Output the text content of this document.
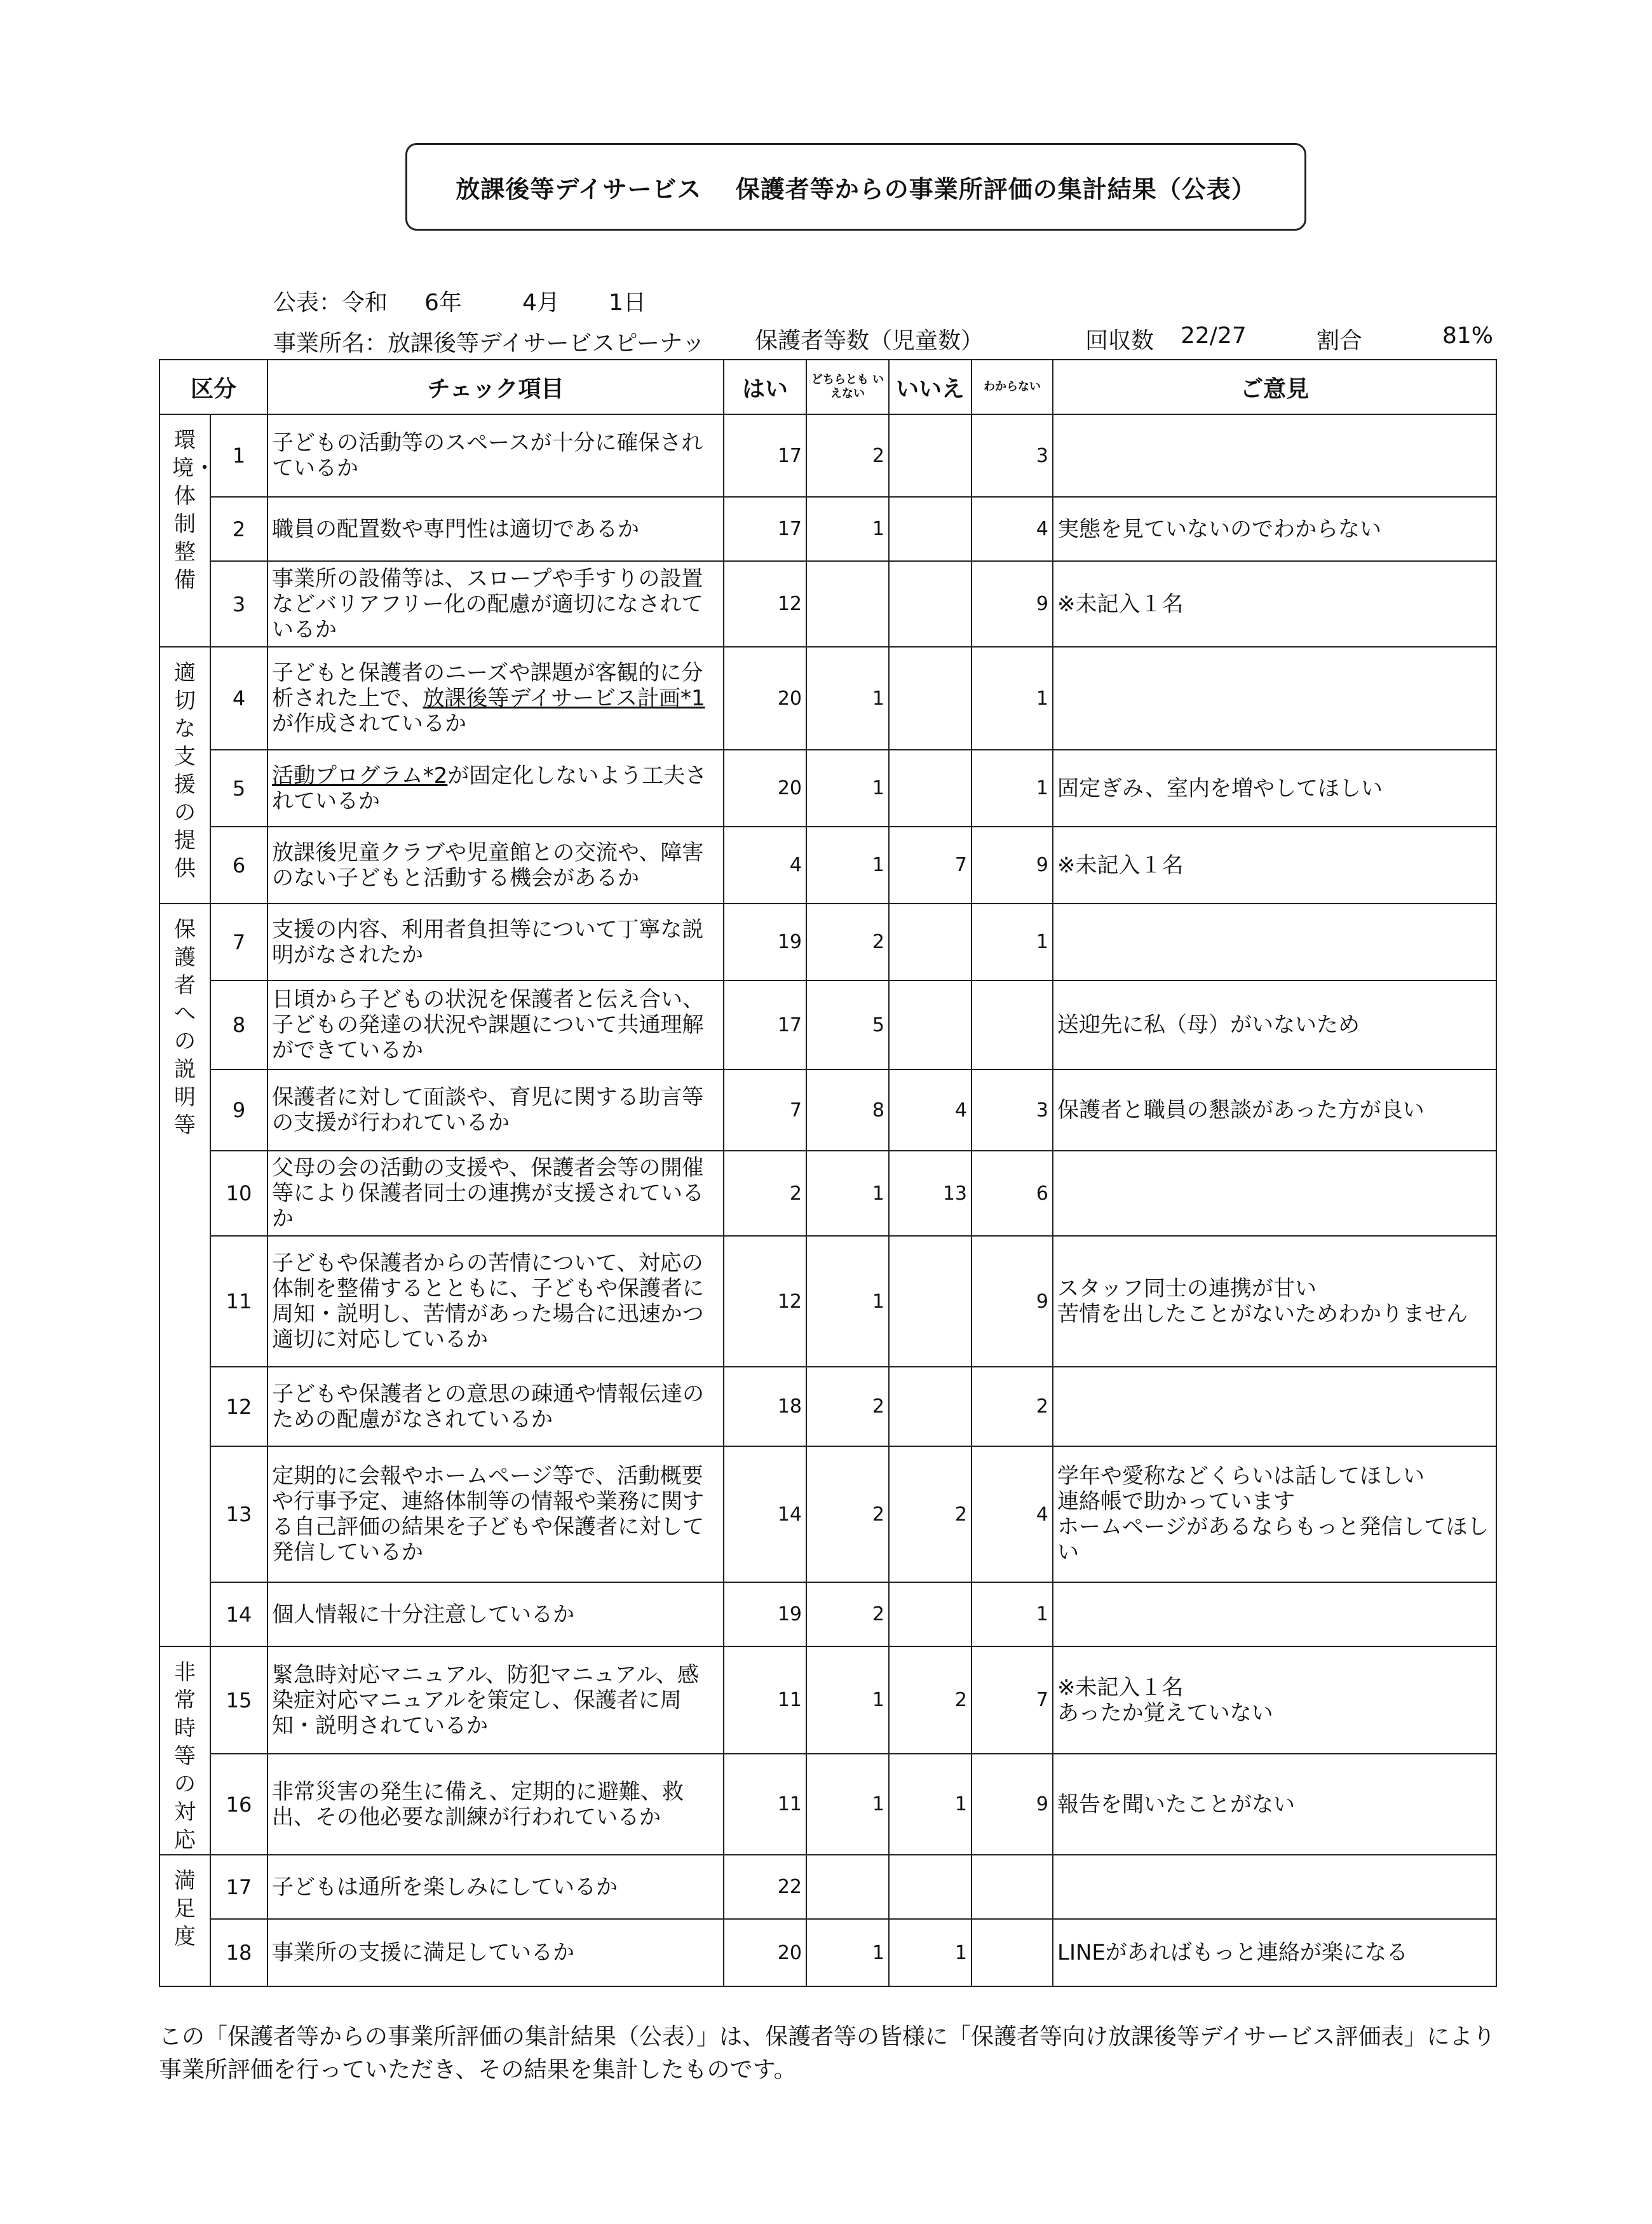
放課後等デイサービス　 保護者等からの事業所評価の集計結果（公表）
公表：令和 6年	4月 1日
事業所名：放課後等デイサービスピーナッ 保護者等数（児童数）	回収数 22/27	割合	81%
区分		チェック項目	はい	どちらとも いえない	いいえ	わからない	ご意見
環境・体制整備	1	子どもの活動等のスペースが十分に確保されているか	17	2		3	
	2	職員の配置数や専門性は適切であるか	17	1		4	実態を見ていないのでわからない
	3	事業所の設備等は、スロープや手すりの設置などバリアフリー化の配慮が適切になされているか	12			9	※未記入１名
適切な支援の提供	4	子どもと保護者のニーズや課題が客観的に分析された上で、放課後等デイサービス計画*1が作成されているか	20	1		1	
	5	活動プログラム*2が固定化しないよう工夫されているか	20	1		1	固定ぎみ、室内を増やしてほしい
	6	放課後児童クラブや児童館との交流や、障害のない子どもと活動する機会があるか	4	1	7	9	※未記入１名
保護者への説明等	7	支援の内容、利用者負担等について丁寧な説明がなされたか	19	2		1	
	8	日頃から子どもの状況を保護者と伝え合い、子どもの発達の状況や課題について共通理解ができているか	17	5			送迎先に私（母）がいないため
	9	保護者に対して面談や、育児に関する助言等の支援が行われているか	7	8	4	3	保護者と職員の懇談があった方が良い
	10	父母の会の活動の支援や、保護者会等の開催等により保護者同士の連携が支援されているか	2	1	13	6	
	11	子どもや保護者からの苦情について、対応の体制を整備するとともに、子どもや保護者に周知・説明し、苦情があった場合に迅速かつ適切に対応しているか	12	1		9	スタッフ同士の連携が甘い
苦情を出したことがないためわかりません
	12	子どもや保護者との意思の疎通や情報伝達のための配慮がなされているか	18	2		2	
	13	定期的に会報やホームページ等で、活動概要や行事予定、連絡体制等の情報や業務に関する自己評価の結果を子どもや保護者に対して発信しているか	14	2	2	4	学年や愛称などくらいは話してほしい
連絡帳で助かっています
ホームページがあるならもっと発信してほしい
	14	個人情報に十分注意しているか	19	2		1	
非常時等の対応	15	緊急時対応マニュアル、防犯マニュアル、感染症対応マニュアルを策定し、保護者に周知・説明されているか	11	1	2	7	※未記入１名
あったか覚えていない
	16	非常災害の発生に備え、定期的に避難、救出、その他必要な訓練が行われているか	11	1	1	9	報告を聞いたことがない
満足度	17	子どもは通所を楽しみにしているか	22				
	18	事業所の支援に満足しているか	20	1	1		LINEがあればもっと連絡が楽になる
この「保護者等からの事業所評価の集計結果（公表）」は、保護者等の皆様に「保護者等向け放課後等デイサービス評価表」により事業所評価を行っていただき、その結果を集計したものです。
